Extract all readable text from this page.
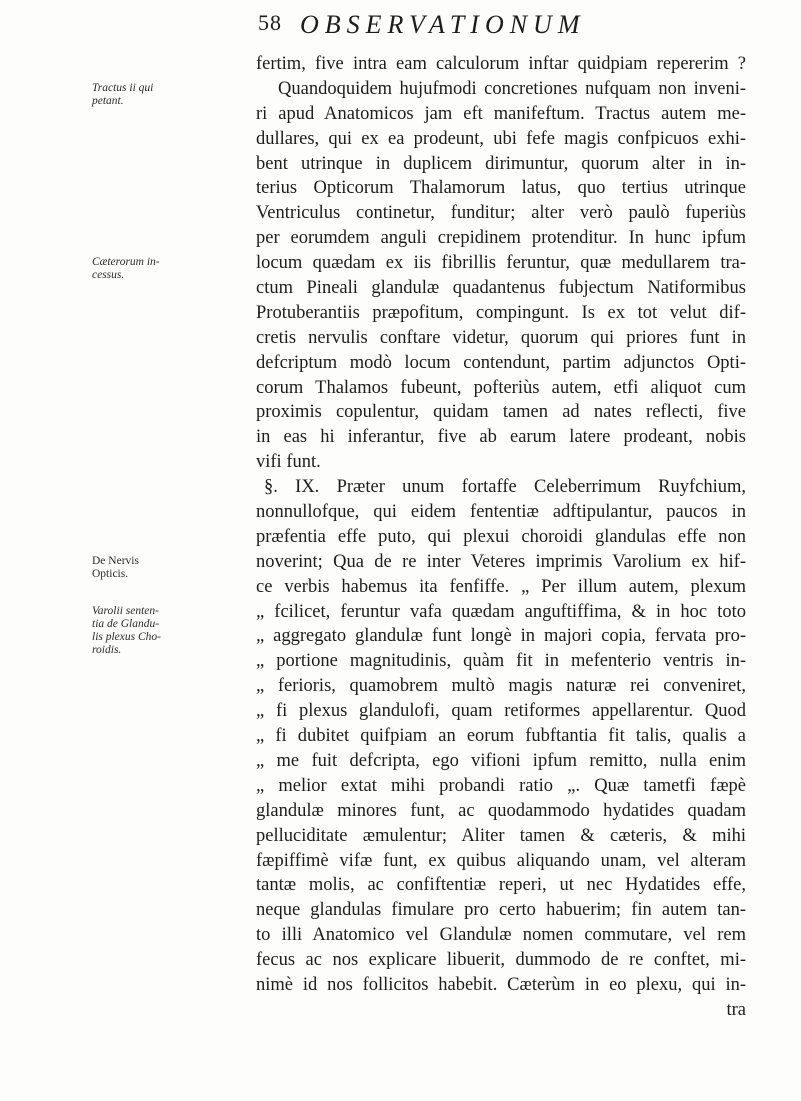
58 OBSERVATIONUM
Tractus ii qui
petant.
Cæterorum in-
cessus.
De Nervis
Opticis.
Varolii senten-
tia de Glandu-
lis plexus Cho-
roidis.
fertim, five intra eam calculorum inftar quidpiam repererim ?
Quandoquidem hujufmodi concretiones nufquam non inveni-
ri apud Anatomicos jam eft manifeftum. Tractus autem me-
dullares, qui ex ea prodeunt, ubi fefe magis confpicuos exhi-
bent utrinque in duplicem dirimuntur, quorum alter in in-
terius Opticorum Thalamorum latus, quo tertius utrinque
Ventriculus continetur, funditur; alter verò paulò fuperiùs
per eorumdem anguli crepidinem protenditur. In hunc ipfum
locum quædam ex iis fibrillis feruntur, quæ medullarem tra-
ctum Pineali glandulæ quadantenus fubjectum Natiformibus
Protuberantiis præpofitum, compingunt. Is ex tot velut dif-
cretis nervulis conftare videtur, quorum qui priores funt in
defcriptum modò locum contendunt, partim adjunctos Opti-
corum Thalamos fubeunt, pofteriùs autem, etfi aliquot cum
proximis copulentur, quidam tamen ad nates reflecti, five
in eas hi inferantur, five ab earum latere prodeant, nobis
vifi funt.
§. IX. Præter unum fortaffe Celeberrimum Ruyfchium,
nonnullofque, qui eidem fententiæ adftipulantur, paucos in
præfentia effe puto, qui plexui choroidi glandulas effe non
noverint; Qua de re inter Veteres imprimis Varolium ex hif-
ce verbis habemus ita fenfiffe. „ Per illum autem, plexum
„ fcilicet, feruntur vafa quædam anguftiffima, & in hoc toto
„ aggregato glandulæ funt longè in majori copia, fervata pro-
„ portione magnitudinis, quàm fit in mefenterio ventris in-
„ ferioris, quamobrem multò magis naturæ rei conveniret,
„ fi plexus glandulofi, quam retiformes appellarentur. Quod
„ fi dubitet quifpiam an eorum fubftantia fit talis, qualis a
„ me fuit defcripta, ego vifioni ipfum remitto, nulla enim
„ melior extat mihi probandi ratio „. Quæ tametfi fæpè
glandulæ minores funt, ac quodammodo hydatides quadam
pelluciditate æmulentur; Aliter tamen & cæteris, & mihi
fæpiffimè vifæ funt, ex quibus aliquando unam, vel alteram
tantæ molis, ac confiftentiæ reperi, ut nec Hydatides effe,
neque glandulas fimulare pro certo habuerim; fin autem tan-
to illi Anatomico vel Glandulæ nomen commutare, vel rem
fecus ac nos explicare libuerit, dummodo de re conftet, mi-
nimè id nos follicitos habebit. Cæterùm in eo plexu, qui in-
tra
